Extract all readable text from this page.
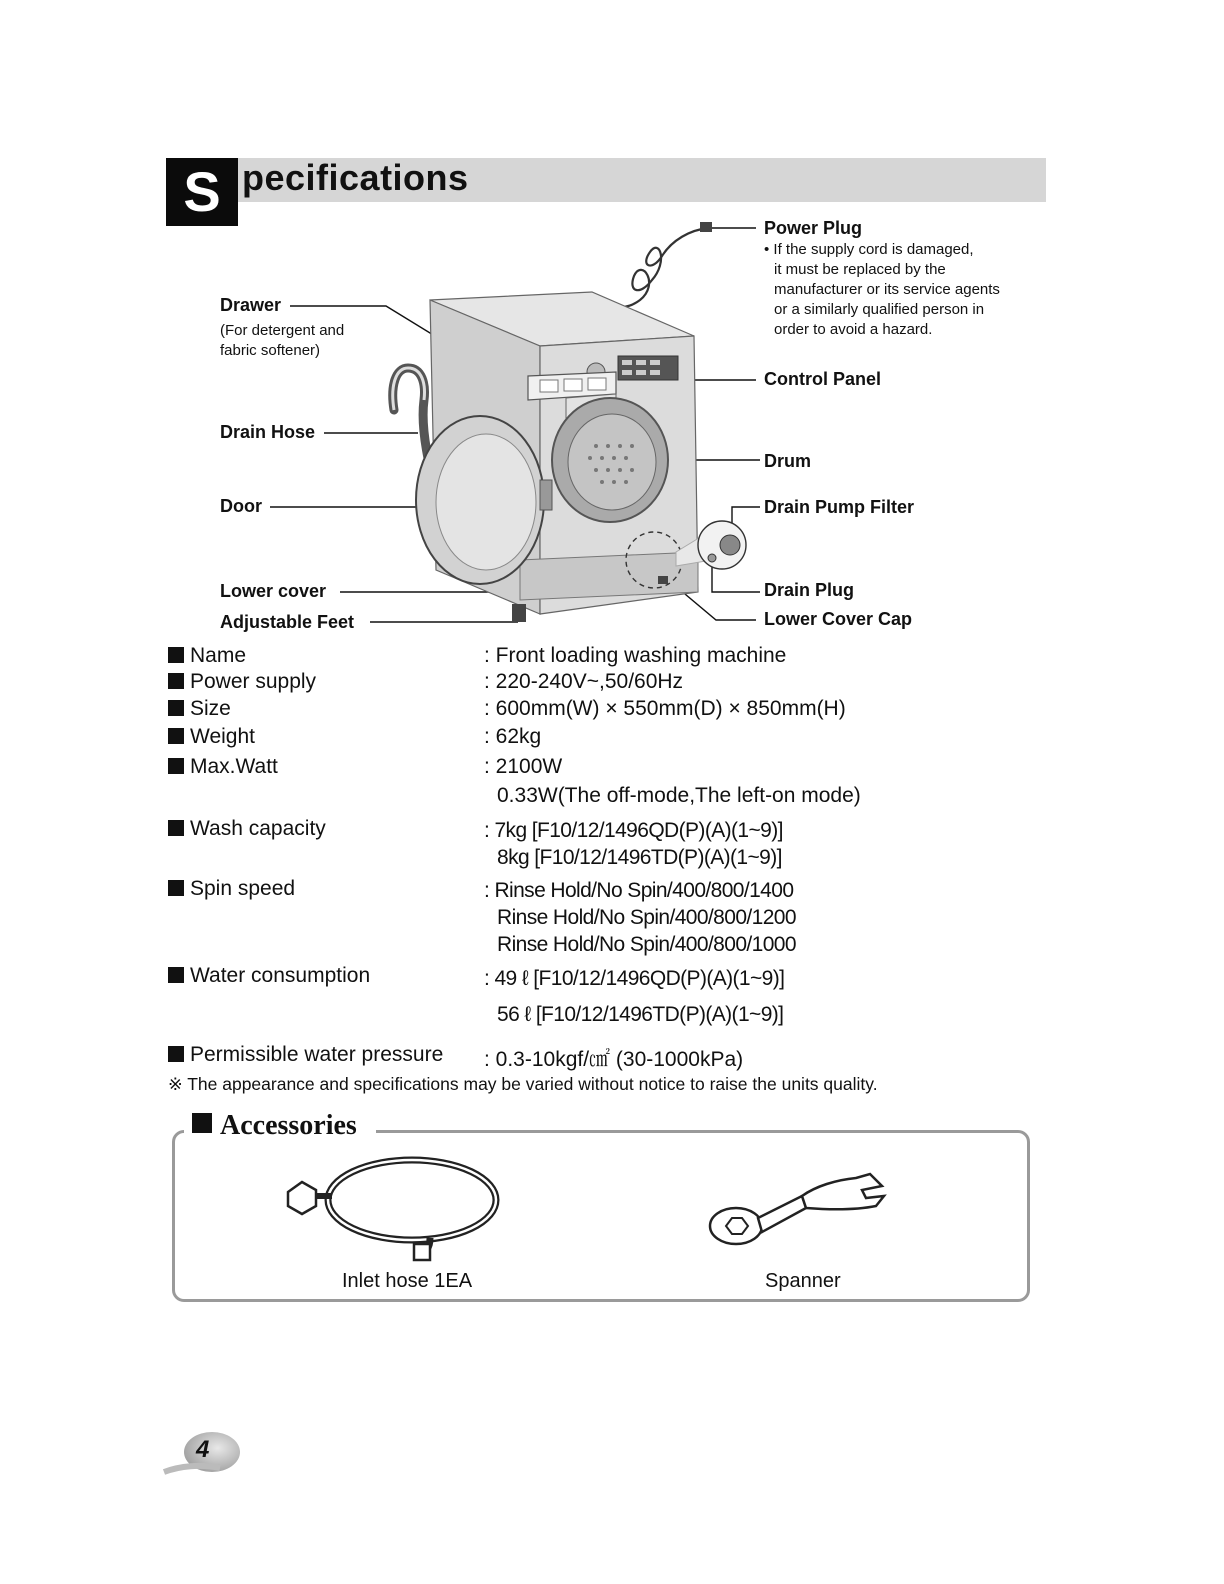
S pecifications
Drawer
(For detergent and
fabric softener)
Drain Hose
Door
Lower cover
Adjustable Feet
Power Plug
• If the supply cord is damaged,
it must be replaced by the
manufacturer or its service agents
or a similarly qualified person in
order to avoid a hazard.
Control Panel
Drum
Drain Pump Filter
Drain Plug
Lower Cover Cap
Name	: Front loading washing machine
Power supply	: 220-240V~,50/60Hz
Size	: 600mm(W) × 550mm(D) × 850mm(H)
Weight	: 62kg
Max.Watt	: 2100W
0.33W(The off-mode,The left-on mode)
Wash capacity	: 7kg [F10/12/1496QD(P)(A)(1~9)]
8kg [F10/12/1496TD(P)(A)(1~9)]
Spin speed	: Rinse Hold/No Spin/400/800/1400
Rinse Hold/No Spin/400/800/1200
Rinse Hold/No Spin/400/800/1000
Water consumption	: 49 ℓ [F10/12/1496QD(P)(A)(1~9)]
56 ℓ [F10/12/1496TD(P)(A)(1~9)]
Permissible water pressure : 0.3-10kgf/㎠ (30-1000kPa)
※ The appearance and specifications may be varied without notice to raise the units quality.
Accessories
Inlet hose 1EA	Spanner
4
